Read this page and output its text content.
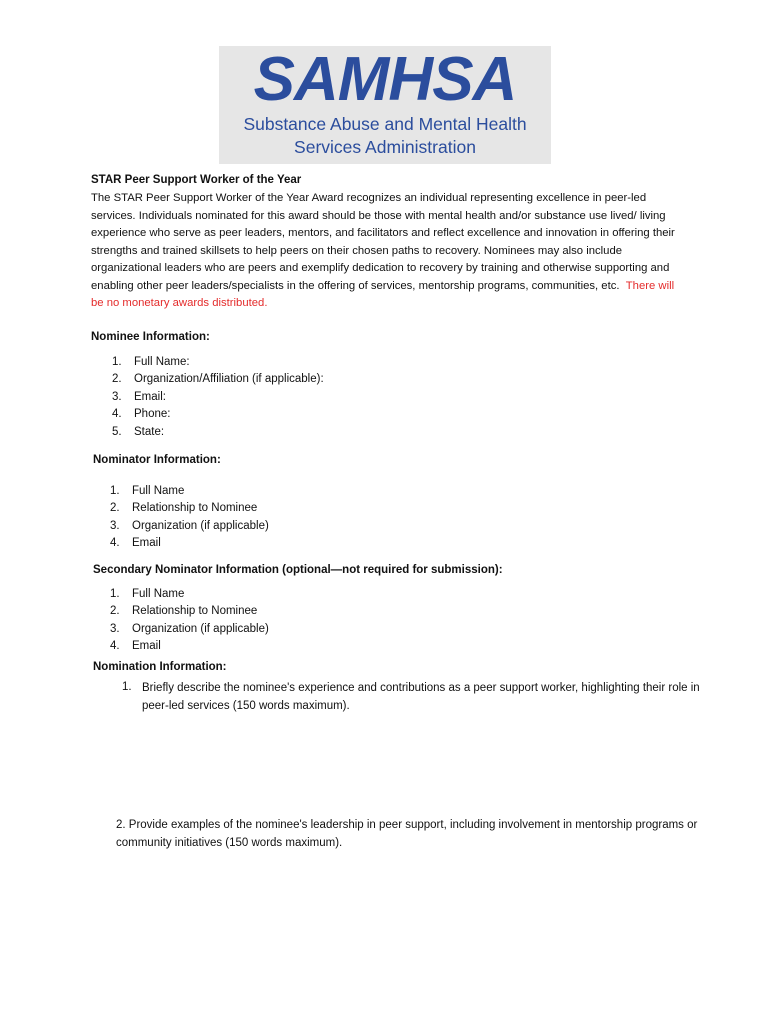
SAMHSA
Substance Abuse and Mental Health
Services Administration

STAR Peer Support Worker of the Year

The STAR Peer Support Worker of the Year Award recognizes an individual representing excellence in peer-led services. Individuals nominated for this award should be those with mental health and/or substance use lived/ living experience who serve as peer leaders, mentors, and facilitators and reflect excellence and innovation in offering their strengths and trained skillsets to help peers on their chosen paths to recovery. Nominees may also include organizational leaders who are peers and exemplify dedication to recovery by training and otherwise supporting and enabling other peer leaders/specialists in the offering of services, mentorship programs, communities, etc. There will be no monetary awards distributed.

Nominee Information:

1. Full Name:
2. Organization/Affiliation (if applicable):
3. Email:
4. Phone:
5. State:

Nominator Information:

1. Full Name
2. Relationship to Nominee
3. Organization (if applicable)
4. Email

Secondary Nominator Information (optional—not required for submission):

1. Full Name
2. Relationship to Nominee
3. Organization (if applicable)
4. Email

Nomination Information:

1. Briefly describe the nominee's experience and contributions as a peer support worker, highlighting their role in peer-led services (150 words maximum).

2. Provide examples of the nominee's leadership in peer support, including involvement in mentorship programs or community initiatives (150 words maximum).
